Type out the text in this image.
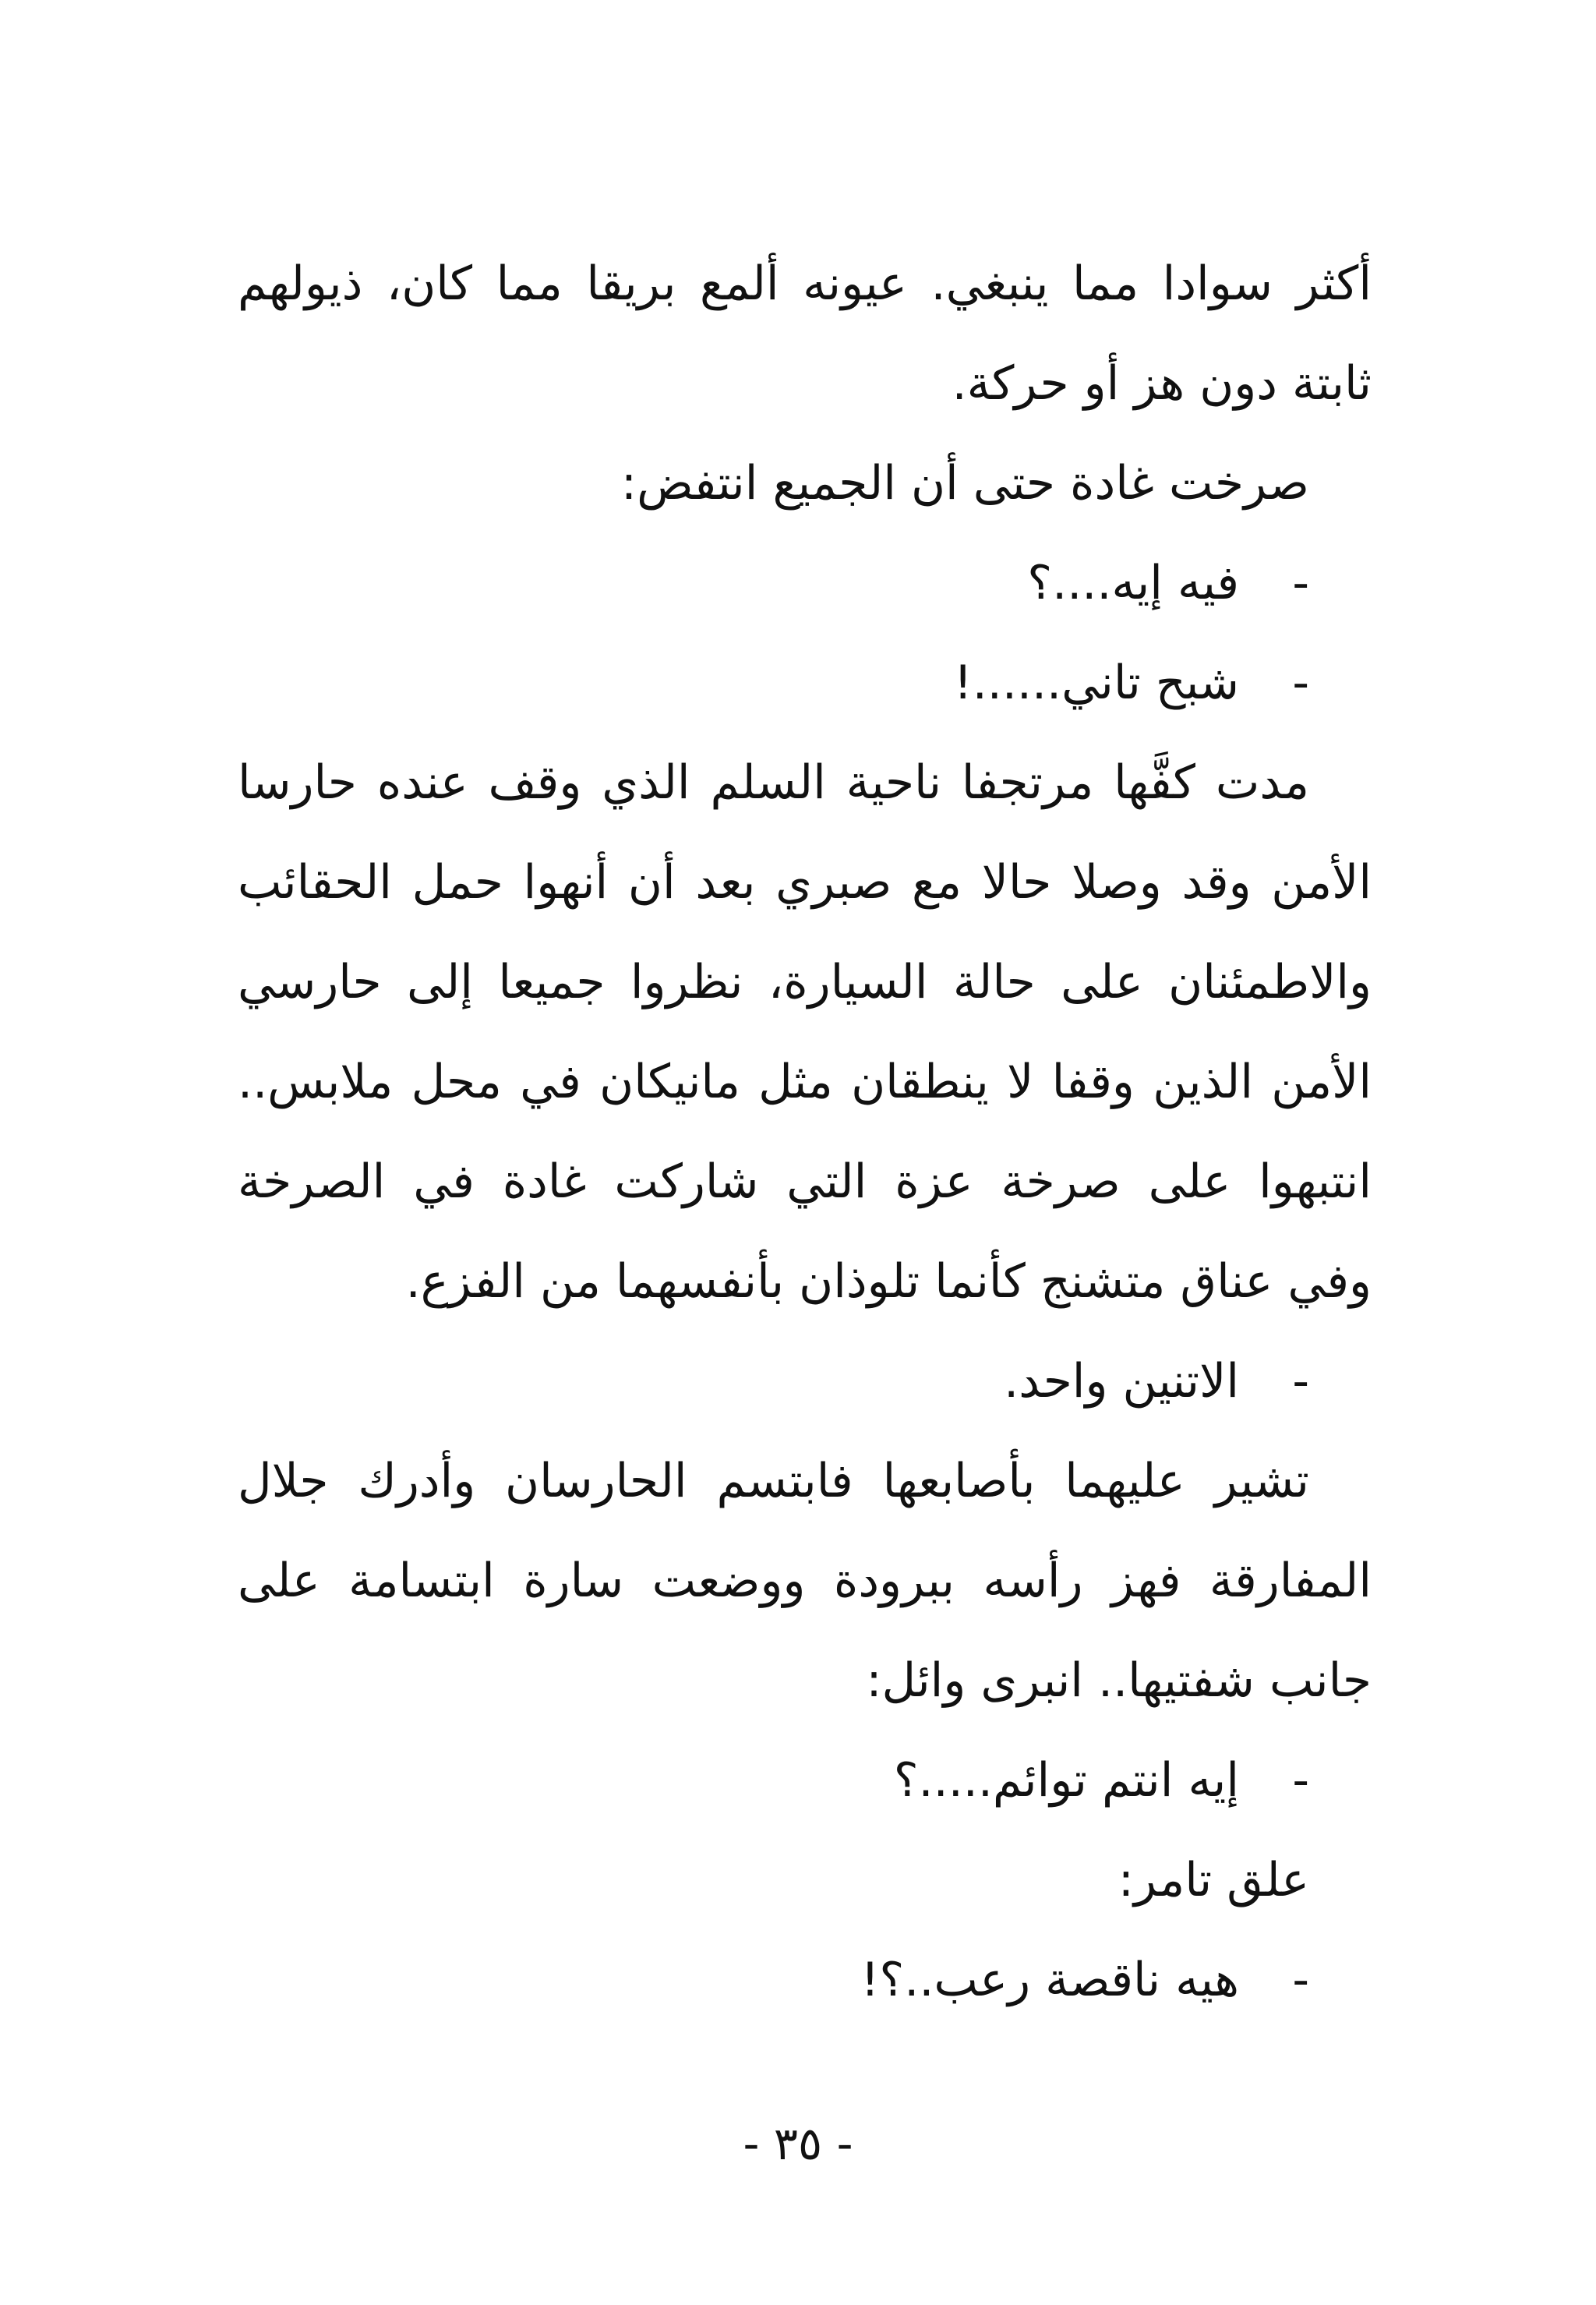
أكثر سوادا مما ينبغي. عيونه ألمع بريقا مما كان، ذيولهم
ثابتة دون هز أو حركة.
صرخت غادة حتى أن الجميع انتفض:
-فيه إيه....؟
-شبح تاني......!
مدت كفَّها مرتجفا ناحية السلم الذي وقف عنده حارسا
الأمن وقد وصلا حالا مع صبري بعد أن أنهوا حمل الحقائب
والاطمئنان على حالة السيارة، نظروا جميعا إلى حارسي
الأمن الذين وقفا لا ينطقان مثل مانيكان في محل ملابس..
انتبهوا على صرخة عزة التي شاركت غادة في الصرخة
وفي عناق متشنج كأنما تلوذان بأنفسهما من الفزع.
-الاتنين واحد.
تشير عليهما بأصابعها فابتسم الحارسان وأدرك جلال
المفارقة فهز رأسه ببرودة ووضعت سارة ابتسامة على
جانب شفتيها.. انبرى وائل:
-إيه انتم توائم.....؟
علق تامر:
-هيه ناقصة رعب..؟!
- ٣٥ -
